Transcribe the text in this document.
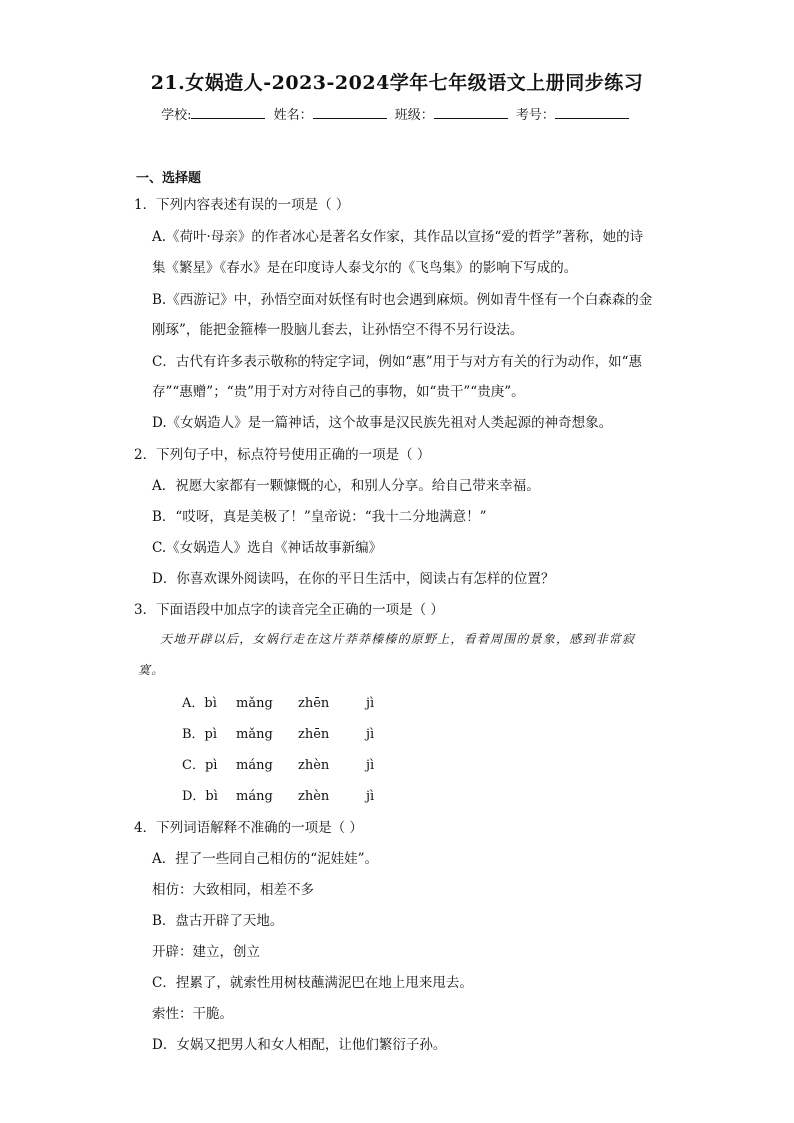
21.女娲造人-2023-2024学年七年级语文上册同步练习
学校:	姓名：	班级：	考号：
一、选择题
1．下列内容表述有误的一项是（ ）
A.《荷叶·母亲》的作者冰心是著名女作家，其作品以宣扬“爱的哲学”著称，她的诗
集《繁星》《春水》是在印度诗人泰戈尔的《飞鸟集》的影响下写成的。
B.《西游记》中，孙悟空面对妖怪有时也会遇到麻烦。例如青牛怪有一个白森森的金
刚琢”，能把金箍棒一股脑儿套去，让孙悟空不得不另行设法。
C．古代有许多表示敬称的特定字词，例如“惠”用于与对方有关的行为动作，如“惠
存”“惠赠”；“贵”用于对方对待自己的事物，如“贵干”“贵庚”。
D.《女娲造人》是一篇神话，这个故事是汉民族先祖对人类起源的神奇想象。
2．下列句子中，标点符号使用正确的一项是（ ）
A．祝愿大家都有一颗慷慨的心，和别人分享。给自己带来幸福。
B．“哎呀，真是美极了！”皇帝说：“我十二分地满意！”
C.《女娲造人》选自《神话故事新编》
D．你喜欢课外阅读吗，在你的平日生活中，阅读占有怎样的位置？
3．下面语段中加点字的读音完全正确的一项是（ ）
天地开辟以后，女娲行走在这片莽莽榛榛的原野上，看着周围的景象，感到非常寂
寞。
A．bì mǎng zhēn	jì
B．pì mǎng zhēn	jì
C．pì máng zhèn	jì
D．bì máng zhèn	jì
4．下列词语解释不准确的一项是（ ）
A．捏了一些同自己相仿的“泥娃娃”。
相仿：大致相同，相差不多
B．盘古开辟了天地。
开辟：建立，创立
C．捏累了，就索性用树枝蘸满泥巴在地上甩来甩去。
索性：干脆。
D．女娲又把男人和女人相配，让他们繁衍子孙。
